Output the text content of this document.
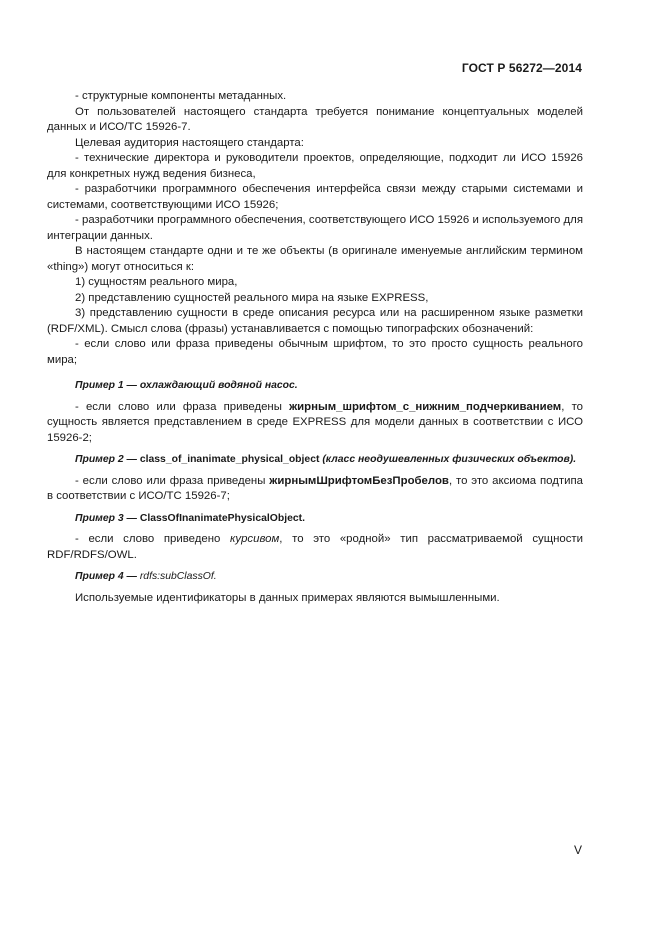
ГОСТ Р 56272—2014

- структурные компоненты метаданных.

От пользователей настоящего стандарта требуется понимание концептуальных моделей данных и ИСО/ТС 15926-7.

Целевая аудитория настоящего стандарта:

- технические директора и руководители проектов, определяющие, подходит ли ИСО 15926 для конкретных нужд ведения бизнеса,

- разработчики программного обеспечения интерфейса связи между старыми системами и системами, соответствующими ИСО 15926;

- разработчики программного обеспечения, соответствующего ИСО 15926 и используемого для интеграции данных.

В настоящем стандарте одни и те же объекты (в оригинале именуемые английским термином «thing») могут относиться к:

1) сущностям реального мира,

2) представлению сущностей реального мира на языке EXPRESS,

3) представлению сущности в среде описания ресурса или на расширенном языке разметки (RDF/XML). Смысл слова (фразы) устанавливается с помощью типографских обозначений:

- если слово или фраза приведены обычным шрифтом, то это просто сущность реального мира;

Пример 1 — охлаждающий водяной насос.

- если слово или фраза приведены жирным_шрифтом_с_нижним_подчеркиванием, то сущность является представлением в среде EXPRESS для модели данных в соответствии с ИСО 15926-2;

Пример 2 — class_of_inanimate_physical_object (класс неодушевленных физических объектов).

- если слово или фраза приведены жирнымШрифтомБезПробелов, то это аксиома подтипа в соответствии с ИСО/ТС 15926-7;

Пример 3 — ClassOfInanimatePhysicalObject.

- если слово приведено курсивом, то это «родной» тип рассматриваемой сущности RDF/RDFS/OWL.

Пример 4 — rdfs:subClassOf.

Используемые идентификаторы в данных примерах являются вымышленными.

V
